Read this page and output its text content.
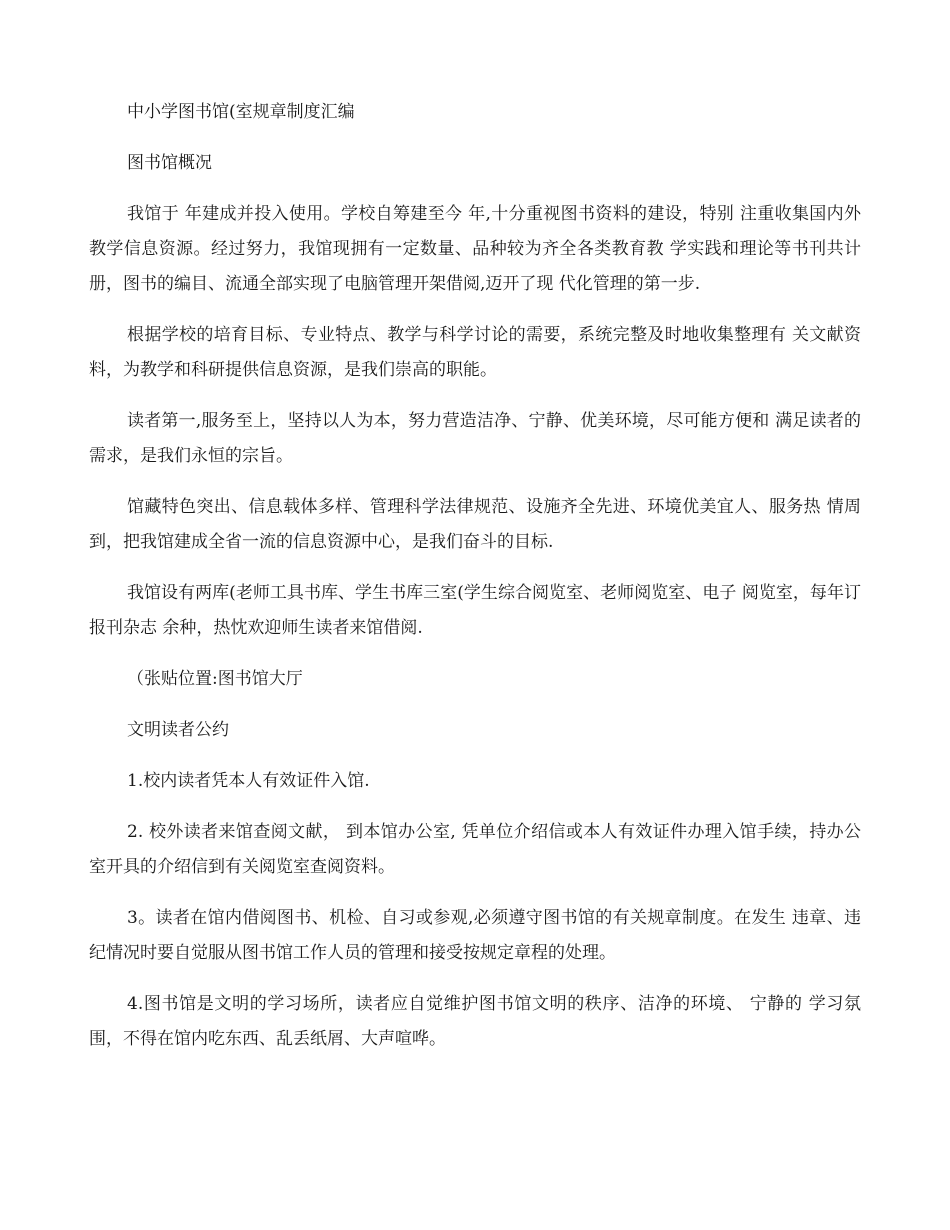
中小学图书馆(室规章制度汇编

图书馆概况

我馆于 年建成并投入使用。学校自筹建至今 年,十分重视图书资料的建设，特别 注重收集国内外教学信息资源。经过努力，我馆现拥有一定数量、品种较为齐全各类教育教 学实践和理论等书刊共计 册，图书的编目、流通全部实现了电脑管理开架借阅,迈开了现 代化管理的第一步.

根据学校的培育目标、专业特点、教学与科学讨论的需要，系统完整及时地收集整理有 关文献资料，为教学和科研提供信息资源，是我们崇高的职能。

读者第一,服务至上，坚持以人为本，努力营造洁净、宁静、优美环境，尽可能方便和 满足读者的需求，是我们永恒的宗旨。

馆藏特色突出、信息载体多样、管理科学法律规范、设施齐全先进、环境优美宜人、服务热 情周到，把我馆建成全省一流的信息资源中心，是我们奋斗的目标.

我馆设有两库(老师工具书库、学生书库三室(学生综合阅览室、老师阅览室、电子 阅览室，每年订报刊杂志 余种，热忱欢迎师生读者来馆借阅.

（张贴位置:图书馆大厅

文明读者公约

1.校内读者凭本人有效证件入馆.

2. 校外读者来馆查阅文献， 到本馆办公室, 凭单位介绍信或本人有效证件办理入馆手续，持办公室开具的介绍信到有关阅览室查阅资料。

3。读者在馆内借阅图书、机检、自习或参观,必须遵守图书馆的有关规章制度。在发生 违章、违纪情况时要自觉服从图书馆工作人员的管理和接受按规定章程的处理。

4.图书馆是文明的学习场所，读者应自觉维护图书馆文明的秩序、洁净的环境、 宁静的 学习氛围，不得在馆内吃东西、乱丢纸屑、大声喧哗。
